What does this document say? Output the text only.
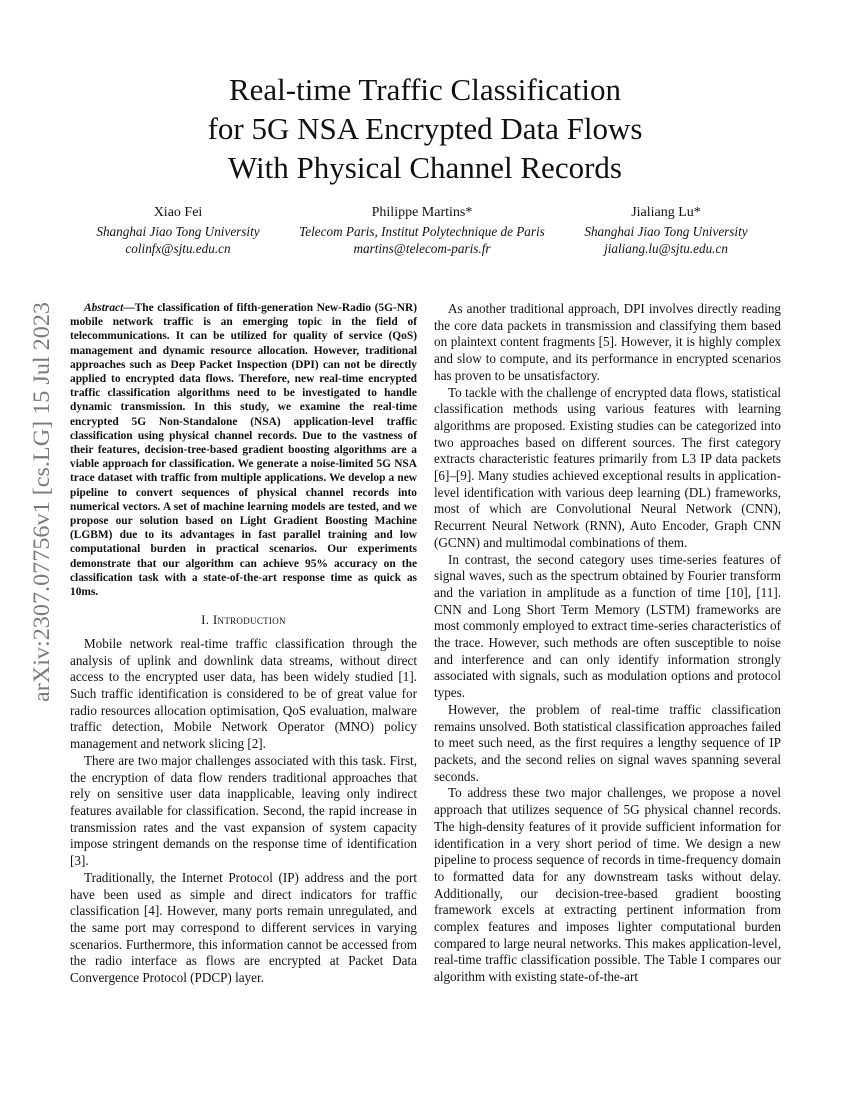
arXiv:2307.07756v1 [cs.LG] 15 Jul 2023
Real-time Traffic Classification
for 5G NSA Encrypted Data Flows
With Physical Channel Records
Xiao Fei
Shanghai Jiao Tong University
colinfx@sjtu.edu.cn
Philippe Martins*
Telecom Paris, Institut Polytechnique de Paris
martins@telecom-paris.fr
Jialiang Lu*
Shanghai Jiao Tong University
jialiang.lu@sjtu.edu.cn

Abstract—The classification of fifth-generation New-Radio (5G-NR) mobile network traffic is an emerging topic in the field of telecommunications. It can be utilized for quality of service (QoS) management and dynamic resource allocation. However, traditional approaches such as Deep Packet Inspection (DPI) can not be directly applied to encrypted data flows. Therefore, new real-time encrypted traffic classification algorithms need to be investigated to handle dynamic transmission. In this study, we examine the real-time encrypted 5G Non-Standalone (NSA) application-level traffic classification using physical channel records. Due to the vastness of their features, decision-tree-based gradient boosting algorithms are a viable approach for classification. We generate a noise-limited 5G NSA trace dataset with traffic from multiple applications. We develop a new pipeline to convert sequences of physical channel records into numerical vectors. A set of machine learning models are tested, and we propose our solution based on Light Gradient Boosting Machine (LGBM) due to its advantages in fast parallel training and low computational burden in practical scenarios. Our experiments demonstrate that our algorithm can achieve 95% accuracy on the classification task with a state-of-the-art response time as quick as 10ms.

I. Introduction

Mobile network real-time traffic classification through the analysis of uplink and downlink data streams, without direct access to the encrypted user data, has been widely studied [1]. Such traffic identification is considered to be of great value for radio resources allocation optimisation, QoS evaluation, malware traffic detection, Mobile Network Operator (MNO) policy management and network slicing [2].

There are two major challenges associated with this task. First, the encryption of data flow renders traditional approaches that rely on sensitive user data inapplicable, leaving only indirect features available for classification. Second, the rapid increase in transmission rates and the vast expansion of system capacity impose stringent demands on the response time of identification [3].

Traditionally, the Internet Protocol (IP) address and the port have been used as simple and direct indicators for traffic classification [4]. However, many ports remain unregulated, and the same port may correspond to different services in varying scenarios. Furthermore, this information cannot be accessed from the radio interface as flows are encrypted at Packet Data Convergence Protocol (PDCP) layer.

As another traditional approach, DPI involves directly reading the core data packets in transmission and classifying them based on plaintext content fragments [5]. However, it is highly complex and slow to compute, and its performance in encrypted scenarios has proven to be unsatisfactory.

To tackle with the challenge of encrypted data flows, statistical classification methods using various features with learning algorithms are proposed. Existing studies can be categorized into two approaches based on different sources. The first category extracts characteristic features primarily from L3 IP data packets [6]–[9]. Many studies achieved exceptional results in application-level identification with various deep learning (DL) frameworks, most of which are Convolutional Neural Network (CNN), Recurrent Neural Network (RNN), Auto Encoder, Graph CNN (GCNN) and multimodal combinations of them.

In contrast, the second category uses time-series features of signal waves, such as the spectrum obtained by Fourier transform and the variation in amplitude as a function of time [10], [11]. CNN and Long Short Term Memory (LSTM) frameworks are most commonly employed to extract time-series characteristics of the trace. However, such methods are often susceptible to noise and interference and can only identify information strongly associated with signals, such as modulation options and protocol types.

However, the problem of real-time traffic classification remains unsolved. Both statistical classification approaches failed to meet such need, as the first requires a lengthy sequence of IP packets, and the second relies on signal waves spanning several seconds.

To address these two major challenges, we propose a novel approach that utilizes sequence of 5G physical channel records. The high-density features of it provide sufficient information for identification in a very short period of time. We design a new pipeline to process sequence of records in time-frequency domain to formatted data for any downstream tasks without delay. Additionally, our decision-tree-based gradient boosting framework excels at extracting pertinent information from complex features and imposes lighter computational burden compared to large neural networks. This makes application-level, real-time traffic classification possible. The Table I compares our algorithm with existing state-of-the-art
